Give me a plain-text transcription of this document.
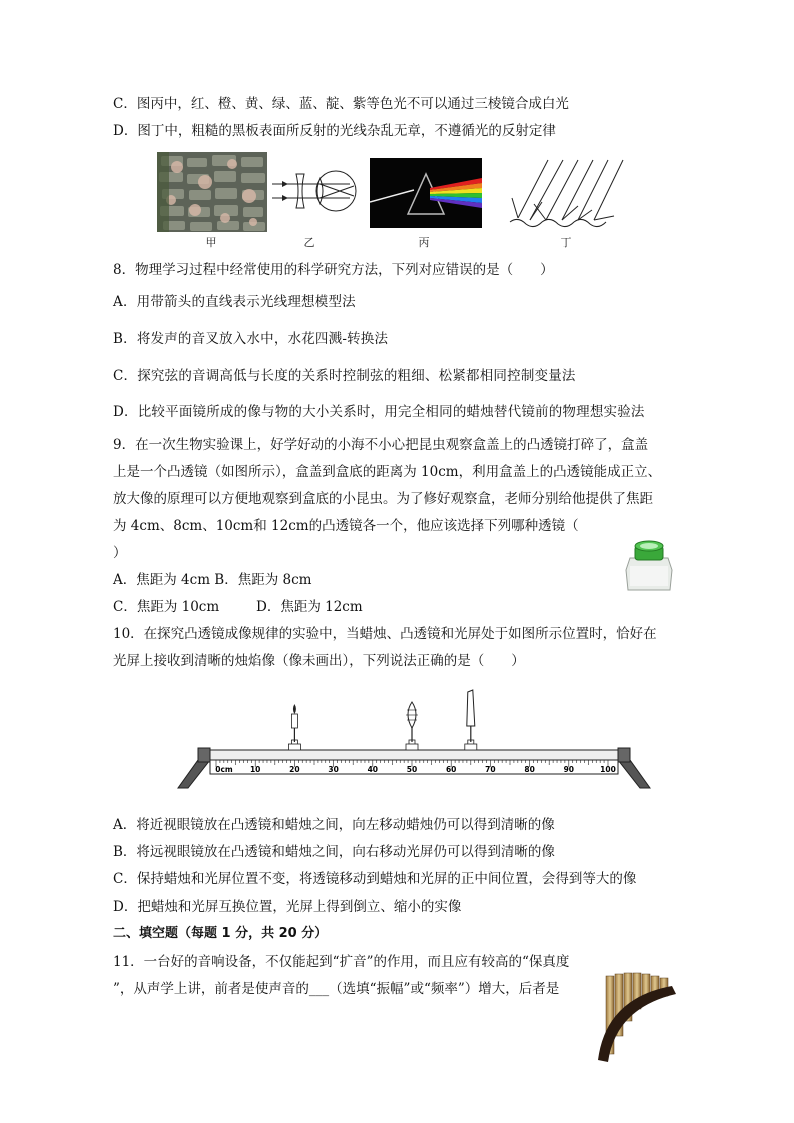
C．图丙中，红、橙、黄、绿、蓝、靛、紫等色光不可以通过三棱镜合成白光
D．图丁中，粗糙的黑板表面所反射的光线杂乱无章，不遵循光的反射定律
甲	乙	丙	丁
8．物理学习过程中经常使用的科学研究方法，下列对应错误的是（　　）
A．用带箭头的直线表示光线理想模型法
B．将发声的音叉放入水中，水花四溅-转换法
C．探究弦的音调高低与长度的关系时控制弦的粗细、松紧都相同控制变量法
D．比较平面镜所成的像与物的大小关系时，用完全相同的蜡烛替代镜前的物理想实验法
9．在一次生物实验课上，好学好动的小海不小心把昆虫观察盒盖上的凸透镜打碎了，盒盖
上是一个凸透镜（如图所示），盒盖到盒底的距离为 10cm，利用盒盖上的凸透镜能成正立、
放大像的原理可以方便地观察到盒底的小昆虫。为了修好观察盒，老师分别给他提供了焦距
为 4cm、8cm、10cm和 12cm的凸透镜各一个，他应该选择下列哪种透镜（
）
A．焦距为 4cm B．焦距为 8cm
C．焦距为 10cm	D．焦距为 12cm
10．在探究凸透镜成像规律的实验中，当蜡烛、凸透镜和光屏处于如图所示位置时，恰好在
光屏上接收到清晰的烛焰像（像未画出），下列说法正确的是（　　）
0cm 10	20	30	40	50	60	70	80	90	100
A．将近视眼镜放在凸透镜和蜡烛之间，向左移动蜡烛仍可以得到清晰的像
B．将远视眼镜放在凸透镜和蜡烛之间，向右移动光屏仍可以得到清晰的像
C．保持蜡烛和光屏位置不变，将透镜移动到蜡烛和光屏的正中间位置，会得到等大的像
D．把蜡烛和光屏互换位置，光屏上得到倒立、缩小的实像
二、填空题（每题 1 分，共 20 分）
11．一台好的音响设备，不仅能起到“扩音”的作用，而且应有较高的“保真度
”，从声学上讲，前者是使声音的___（选填“振幅”或“频率”）增大，后者是
